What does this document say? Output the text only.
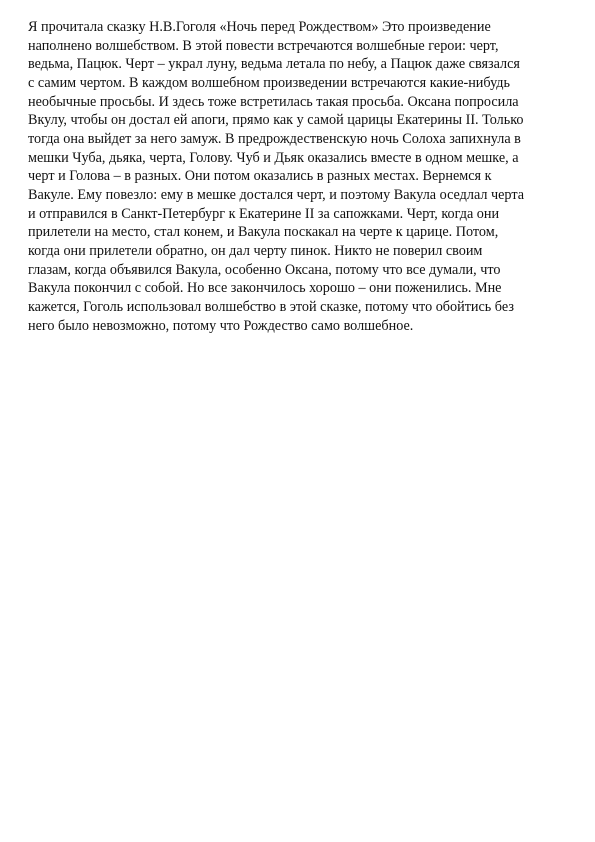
Я прочитала сказку Н.В.Гоголя «Ночь перед Рождеством» Это произведение
наполнено волшебством. В этой повести встречаются волшебные герои: черт,
ведьма, Пацюк. Черт – украл луну, ведьма летала по небу, а Пацюк даже связался
с самим чертом. В каждом волшебном произведении встречаются какие-нибудь
необычные просьбы. И здесь тоже встретилась такая просьба. Оксана попросила
Вкулу, чтобы он достал ей апоги, прямо как у самой царицы Екатерины II. Только
тогда она выйдет за него замуж. В предрождественскую ночь Солоха запихнула в
мешки Чуба, дьяка, черта, Голову. Чуб и Дьяк оказались вместе в одном мешке, а
черт и Голова – в разных. Они потом оказались в разных местах. Вернемся к
Вакуле. Ему повезло: ему в мешке достался черт, и поэтому Вакула оседлал черта
и отправился в Санкт-Петербург к Екатерине II за сапожками. Черт, когда они
прилетели на место, стал конем, и Вакула поскакал на черте к царице. Потом,
когда они прилетели обратно, он дал черту пинок. Никто не поверил своим
глазам, когда объявился Вакула, особенно Оксана, потому что все думали, что
Вакула покончил с собой. Но все закончилось хорошо – они поженились. Мне
кажется, Гоголь использовал волшебство в этой сказке, потому что обойтись без
него было невозможно, потому что Рождество само волшебное.
